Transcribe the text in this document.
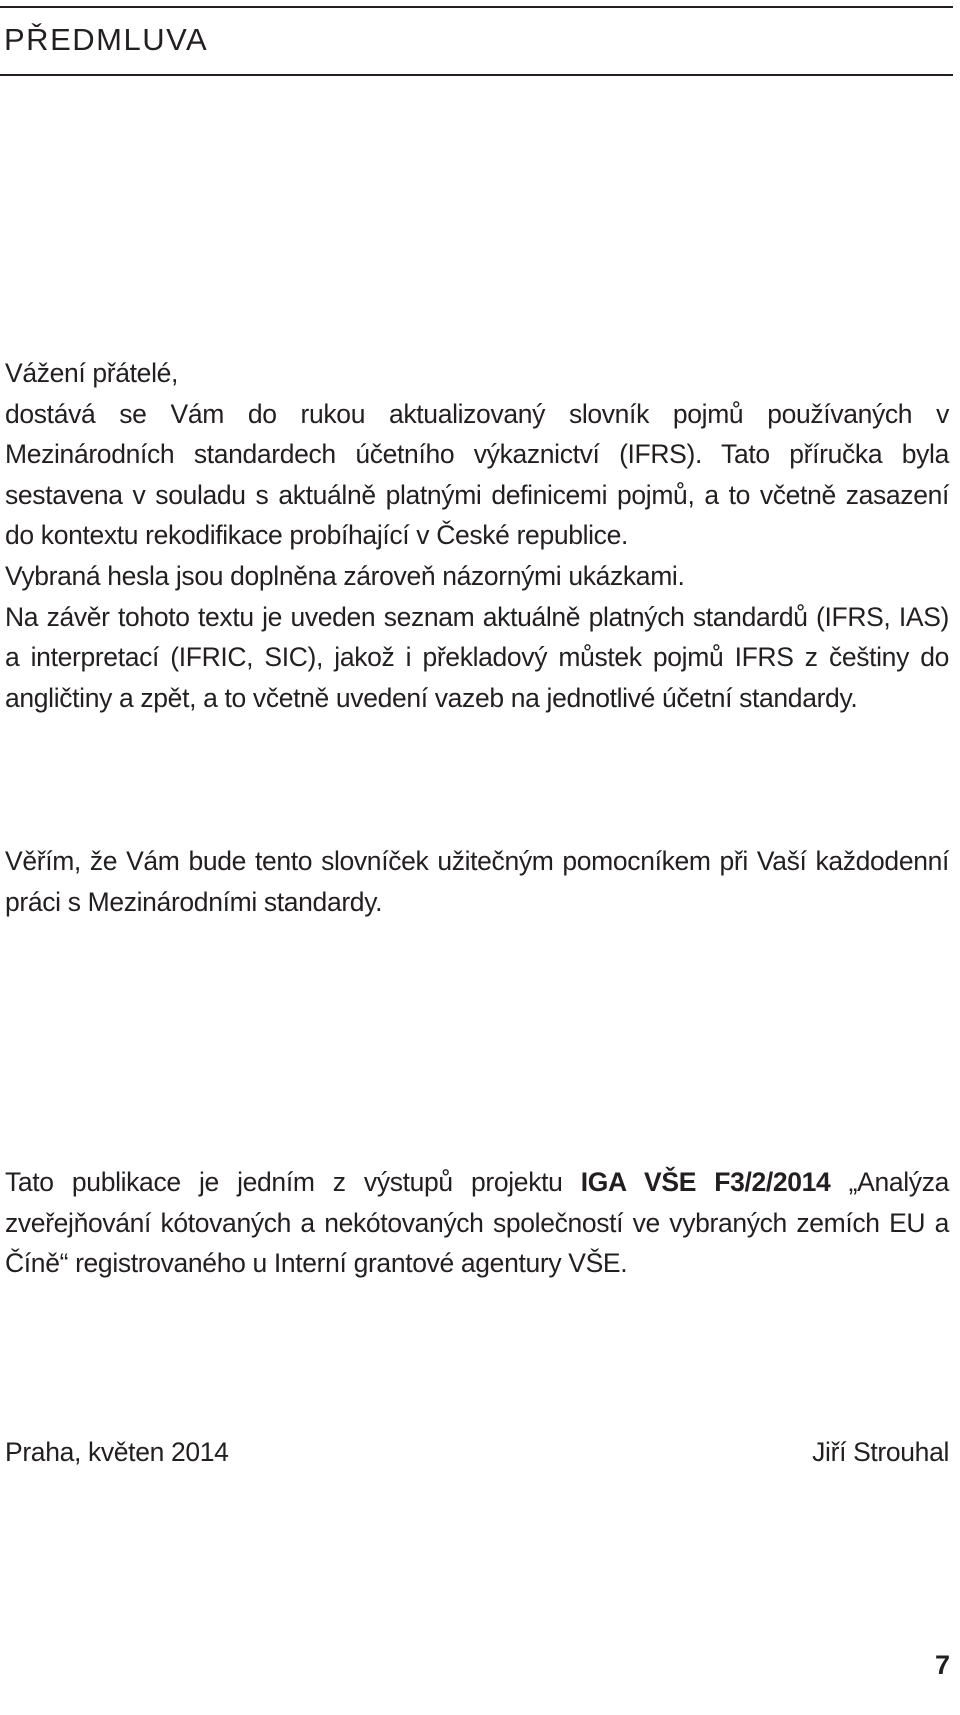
PŘEDMLUVA

Vážení přátelé,

dostává se Vám do rukou aktualizovaný slovník pojmů používaných v Mezinárodních standardech účetního výkaznictví (IFRS). Tato příručka byla sestavena v souladu s aktuálně platnými definicemi pojmů, a to včetně zasazení do kontextu rekodifikace probíhající v České republice.

Vybraná hesla jsou doplněna zároveň názornými ukázkami.

Na závěr tohoto textu je uveden seznam aktuálně platných standardů (IFRS, IAS) a interpretací (IFRIC, SIC), jakož i překladový můstek pojmů IFRS z češtiny do angličtiny a zpět, a to včetně uvedení vazeb na jednotlivé účetní standardy.

Věřím, že Vám bude tento slovníček užitečným pomocníkem při Vaší každodenní práci s Mezinárodními standardy.

Tato publikace je jedním z výstupů projektu IGA VŠE F3/2/2014 „Analýza zveřejňování kótovaných a nekótovaných společností ve vybraných zemích EU a Číně“ registrovaného u Interní grantové agentury VŠE.

Praha, květen 2014	Jiří Strouhal
7
